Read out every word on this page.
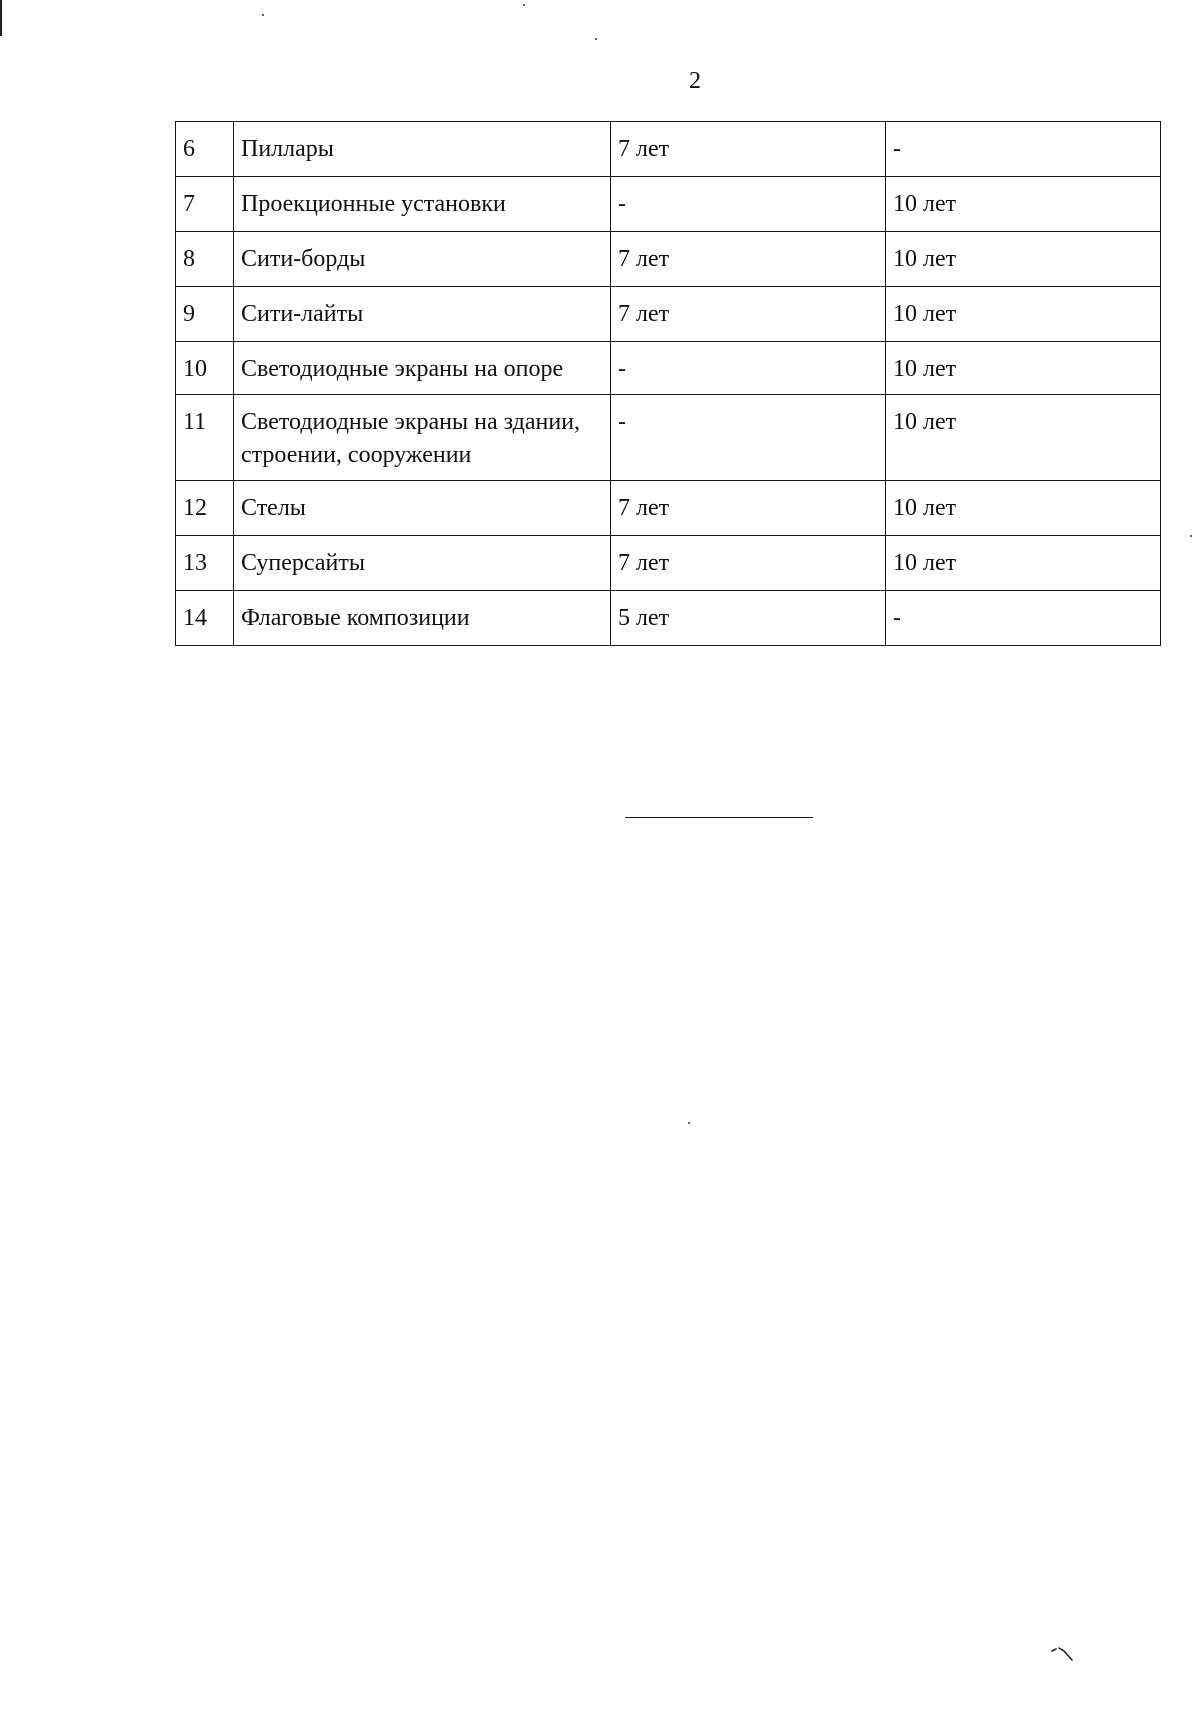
2
6	Пиллары	7 лет	-
7	Проекционные установки	-	10 лет
8	Сити-борды	7 лет	10 лет
9	Сити-лайты	7 лет	10 лет
10	Светодиодные экраны на опоре	-	10 лет
11	Светодиодные экраны на здании, строении, сооружении	-	10 лет
12	Стелы	7 лет	10 лет
13	Суперсайты	7 лет	10 лет
14	Флаговые композиции	5 лет	-
